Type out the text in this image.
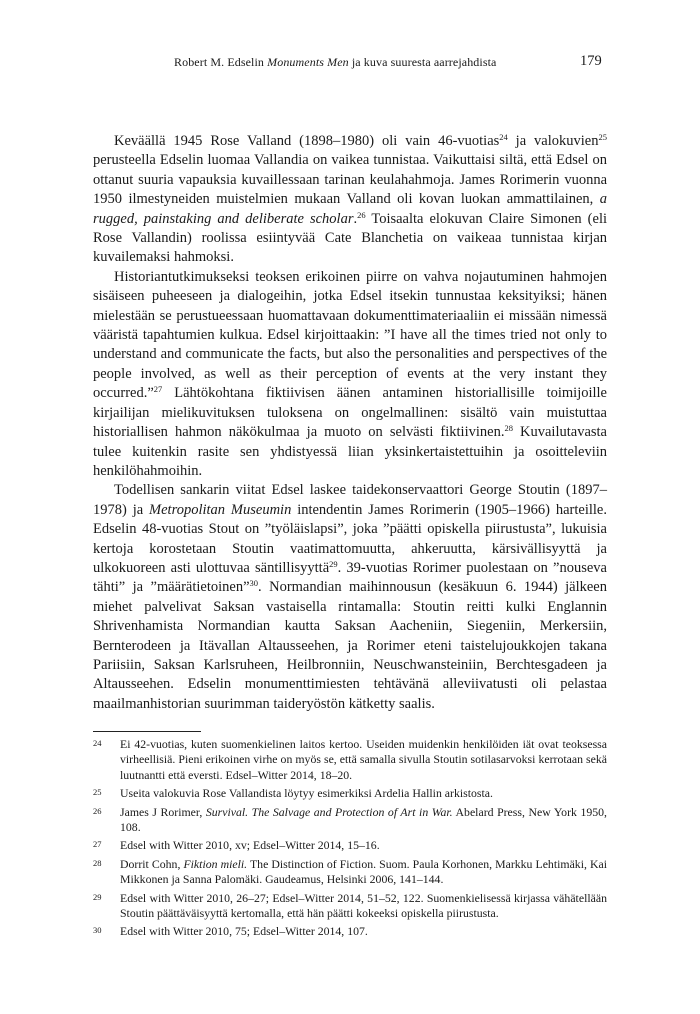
Robert M. Edselin Monuments Men ja kuva suuresta aarrejahdista	179

Keväällä 1945 Rose Valland (1898–1980) oli vain 46-vuotias$^{24}$ ja valokuvien$^{25}$ perusteella Edselin luomaa Vallandia on vaikea tunnistaa. Vaikuttaisi siltä, että Edsel on ottanut suuria vapauksia kuvaillessaan tarinan keulahahmoja. James Rorimerin vuonna 1950 ilmestyneiden muistelmien mukaan Valland oli kovan luokan ammattilainen, a rugged, painstaking and deliberate scholar.$^{26}$ Toisaalta elokuvan Claire Simonen (eli Rose Vallandin) roolissa esiintyvää Cate Blanchetia on vaikeaa tunnistaa kirjan kuvailemaksi hahmoksi.

Historiantutkimukseksi teoksen erikoinen piirre on vahva nojautuminen hahmojen sisäiseen puheeseen ja dialogeihin, jotka Edsel itsekin tunnustaa keksityiksi; hänen mielestään se perustueessaan huomattavaan dokumenttimateriaaliin ei missään nimessä vääristä tapahtumien kulkua. Edsel kirjoittaakin: ”I have all the times tried not only to understand and communicate the facts, but also the personalities and perspectives of the people involved, as well as their perception of events at the very instant they occurred.”$^{27}$ Lähtökohtana fiktiivisen äänen antaminen historiallisille toimijoille kirjailijan mielikuvituksen tuloksena on ongelmallinen: sisältö vain muistuttaa historiallisen hahmon näkökulmaa ja muoto on selvästi fiktiivinen.$^{28}$ Kuvailutavasta tulee kuitenkin rasite sen yhdistyessä liian yksinkertaistettuihin ja osoitteleviin henkilöhahmoihin.

Todellisen sankarin viitat Edsel laskee taidekonservaattori George Stoutin (1897–1978) ja Metropolitan Museumin intendentin James Rorimerin (1905–1966) harteille. Edselin 48-vuotias Stout on ”työläislapsi”, joka ”päätti opiskella piirustusta”, lukuisia kertoja korostetaan Stoutin vaatimattomuutta, ahkeruutta, kärsivällisyyttä ja ulkokuoreen asti ulottuvaa säntillisyyttä$^{29}$. 39-vuotias Rorimer puolestaan on ”nouseva tähti” ja ”määrätietoinen”$^{30}$. Normandian maihinnousun (kesäkuun 6. 1944) jälkeen miehet palvelivat Saksan vastaisella rintamalla: Stoutin reitti kulki Englannin Shrivenhamista Normandian kautta Saksan Aacheniin, Siegeniin, Merkersiin, Bernterodeen ja Itävallan Altausseehen, ja Rorimer eteni taistelujoukkojen takana Pariisiin, Saksan Karlsruheen, Heilbronniin, Neuschwansteiniin, Berchtesgadeen ja Altausseehen. Edselin monumenttimiesten tehtävänä alleviivatusti oli pelastaa maailmanhistorian suurimman taideryöstön kätketty saalis.

24 Ei 42-vuotias, kuten suomenkielinen laitos kertoo. Useiden muidenkin henkilöiden iät ovat teoksessa virheellisiä. Pieni erikoinen virhe on myös se, että samalla sivulla Stoutin sotilasarvoksi kerrotaan sekä luutnantti että eversti. Edsel–Witter 2014, 18–20.
25 Useita valokuvia Rose Vallandista löytyy esimerkiksi Ardelia Hallin arkistosta.
26 James J Rorimer, Survival. The Salvage and Protection of Art in War. Abelard Press, New York 1950, 108.
27 Edsel with Witter 2010, xv; Edsel–Witter 2014, 15–16.
28 Dorrit Cohn, Fiktion mieli. The Distinction of Fiction. Suom. Paula Korhonen, Markku Lehtimäki, Kai Mikkonen ja Sanna Palomäki. Gaudeamus, Helsinki 2006, 141–144.
29 Edsel with Witter 2010, 26–27; Edsel–Witter 2014, 51–52, 122. Suomenkielisessä kirjassa vähätellään Stoutin päättäväisyyttä kertomalla, että hän päätti kokeeksi opiskella piirustusta.
30 Edsel with Witter 2010, 75; Edsel–Witter 2014, 107.
